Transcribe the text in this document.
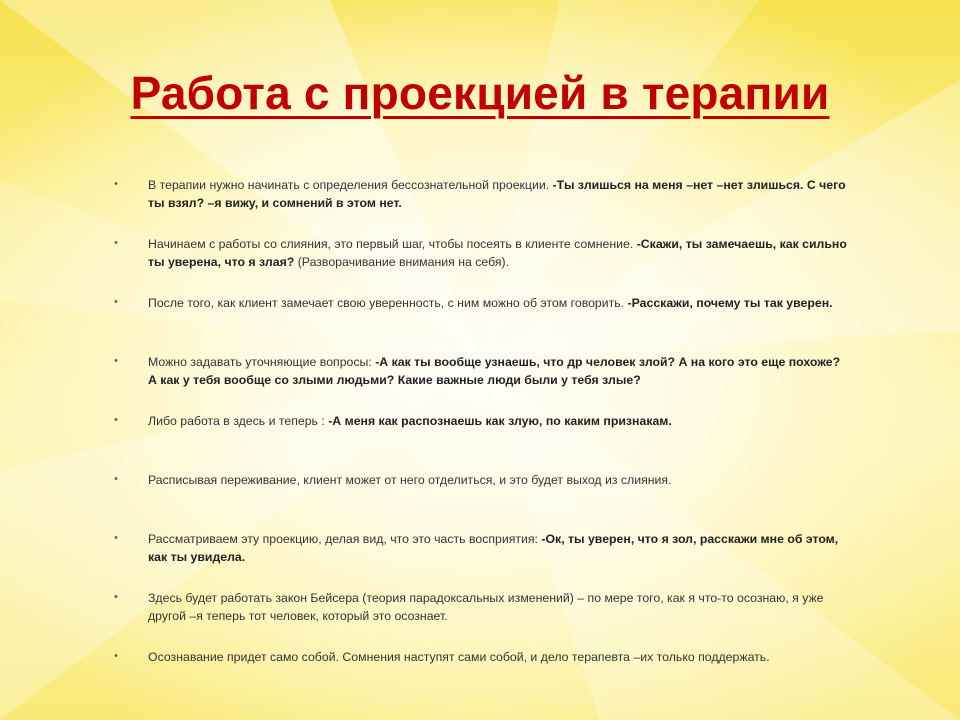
Работа с проекцией в терапии
• В терапии нужно начинать с определения бессознательной проекции. -Ты злишься на меня –нет –нет злишься. С чего ты взял? –я вижу, и сомнений в этом нет.
• Начинаем с работы со слияния, это первый шаг, чтобы посеять в клиенте сомнение. -Скажи, ты замечаешь, как сильно ты уверена, что я злая? (Разворачивание внимания на себя).
• После того, как клиент замечает свою уверенность, с ним можно об этом говорить. -Расскажи, почему ты так уверен.
• Можно задавать уточняющие вопросы: -А как ты вообще узнаешь, что др человек злой? А на кого это еще похоже? А как у тебя вообще со злыми людьми? Какие важные люди были у тебя злые?
• Либо работа в здесь и теперь : -А меня как распознаешь как злую, по каким признакам.
• Расписывая переживание, клиент может от него отделиться, и это будет выход из слияния.
• Рассматриваем эту проекцию, делая вид, что это часть восприятия: -Ок, ты уверен, что я зол, расскажи мне об этом, как ты увидела.
• Здесь будет работать закон Бейсера (теория парадоксальных изменений) – по мере того, как я что-то осознаю, я уже другой –я теперь тот человек, который это осознает.
• Осознавание придет само собой. Сомнения наступят сами собой, и дело терапевта –их только поддержать.
